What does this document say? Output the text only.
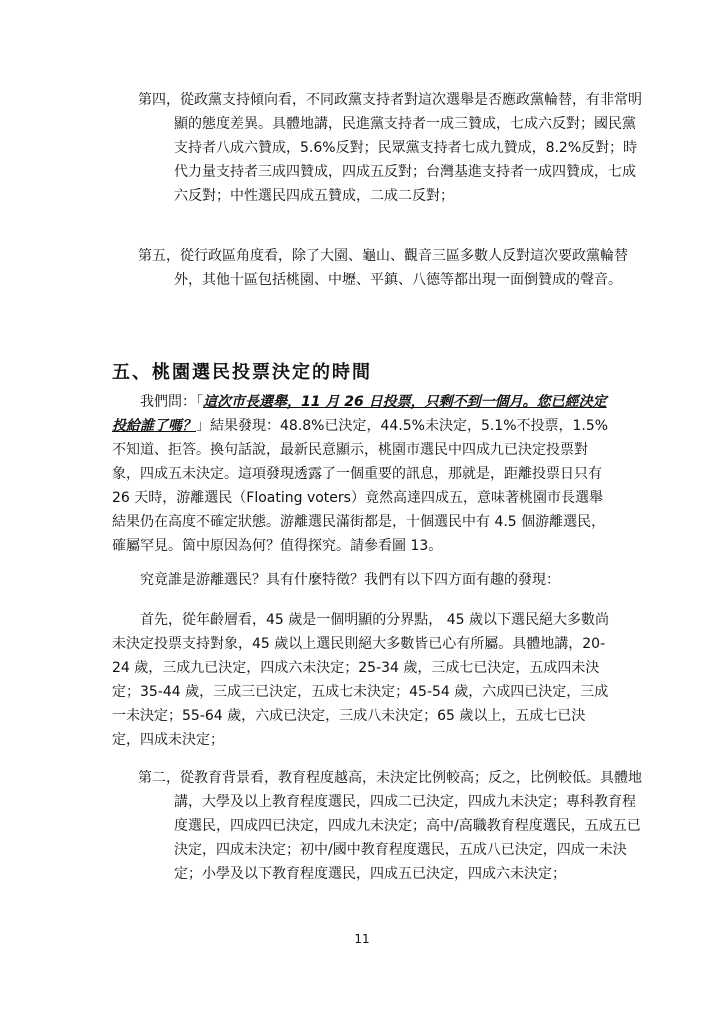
第四，從政黨支持傾向看，不同政黨支持者對這次選舉是否應政黨輪替，有非常明顯的態度差異。具體地講，民進黨支持者一成三贊成，七成六反對；國民黨支持者八成六贊成，5.6%反對；民眾黨支持者七成九贊成，8.2%反對；時代力量支持者三成四贊成，四成五反對；台灣基進支持者一成四贊成，七成六反對；中性選民四成五贊成，二成二反對；

第五，從行政區角度看，除了大園、龜山、觀音三區多數人反對這次要政黨輪替外，其他十區包括桃園、中壢、平鎮、八德等都出現一面倒贊成的聲音。

五、桃園選民投票決定的時間

我們問：「這次市長選舉，11 月 26 日投票，只剩不到一個月。您已經決定投給誰了嗎？」結果發現：48.8%已決定，44.5%未決定，5.1%不投票，1.5%不知道、拒答。換句話說，最新民意顯示，桃園市選民中四成九已決定投票對象，四成五未決定。這項發現透露了一個重要的訊息，那就是，距離投票日只有 26 天時，游離選民（Floating voters）竟然高達四成五，意味著桃園市長選舉結果仍在高度不確定狀態。游離選民滿街都是，十個選民中有 4.5 個游離選民，確屬罕見。箇中原因為何？值得探究。請參看圖 13。

究竟誰是游離選民？具有什麼特徵？我們有以下四方面有趣的發現：

首先，從年齡層看，45 歲是一個明顯的分界點， 45 歲以下選民絕大多數尚未決定投票支持對象，45 歲以上選民則絕大多數皆已心有所屬。具體地講，20-24 歲，三成九已決定，四成六未決定；25-34 歲，三成七已決定，五成四未決定；35-44 歲，三成三已決定，五成七未決定；45-54 歲，六成四已決定，三成一未決定；55-64 歲，六成已決定，三成八未決定；65 歲以上，五成七已決定，四成未決定；

第二，從教育背景看，教育程度越高，未決定比例較高；反之，比例較低。具體地講，大學及以上教育程度選民，四成二已決定，四成九未決定；專科教育程度選民，四成四已決定，四成九未決定；高中/高職教育程度選民，五成五已決定，四成未決定；初中/國中教育程度選民，五成八已決定，四成一未決定；小學及以下教育程度選民，四成五已決定，四成六未決定；

11
